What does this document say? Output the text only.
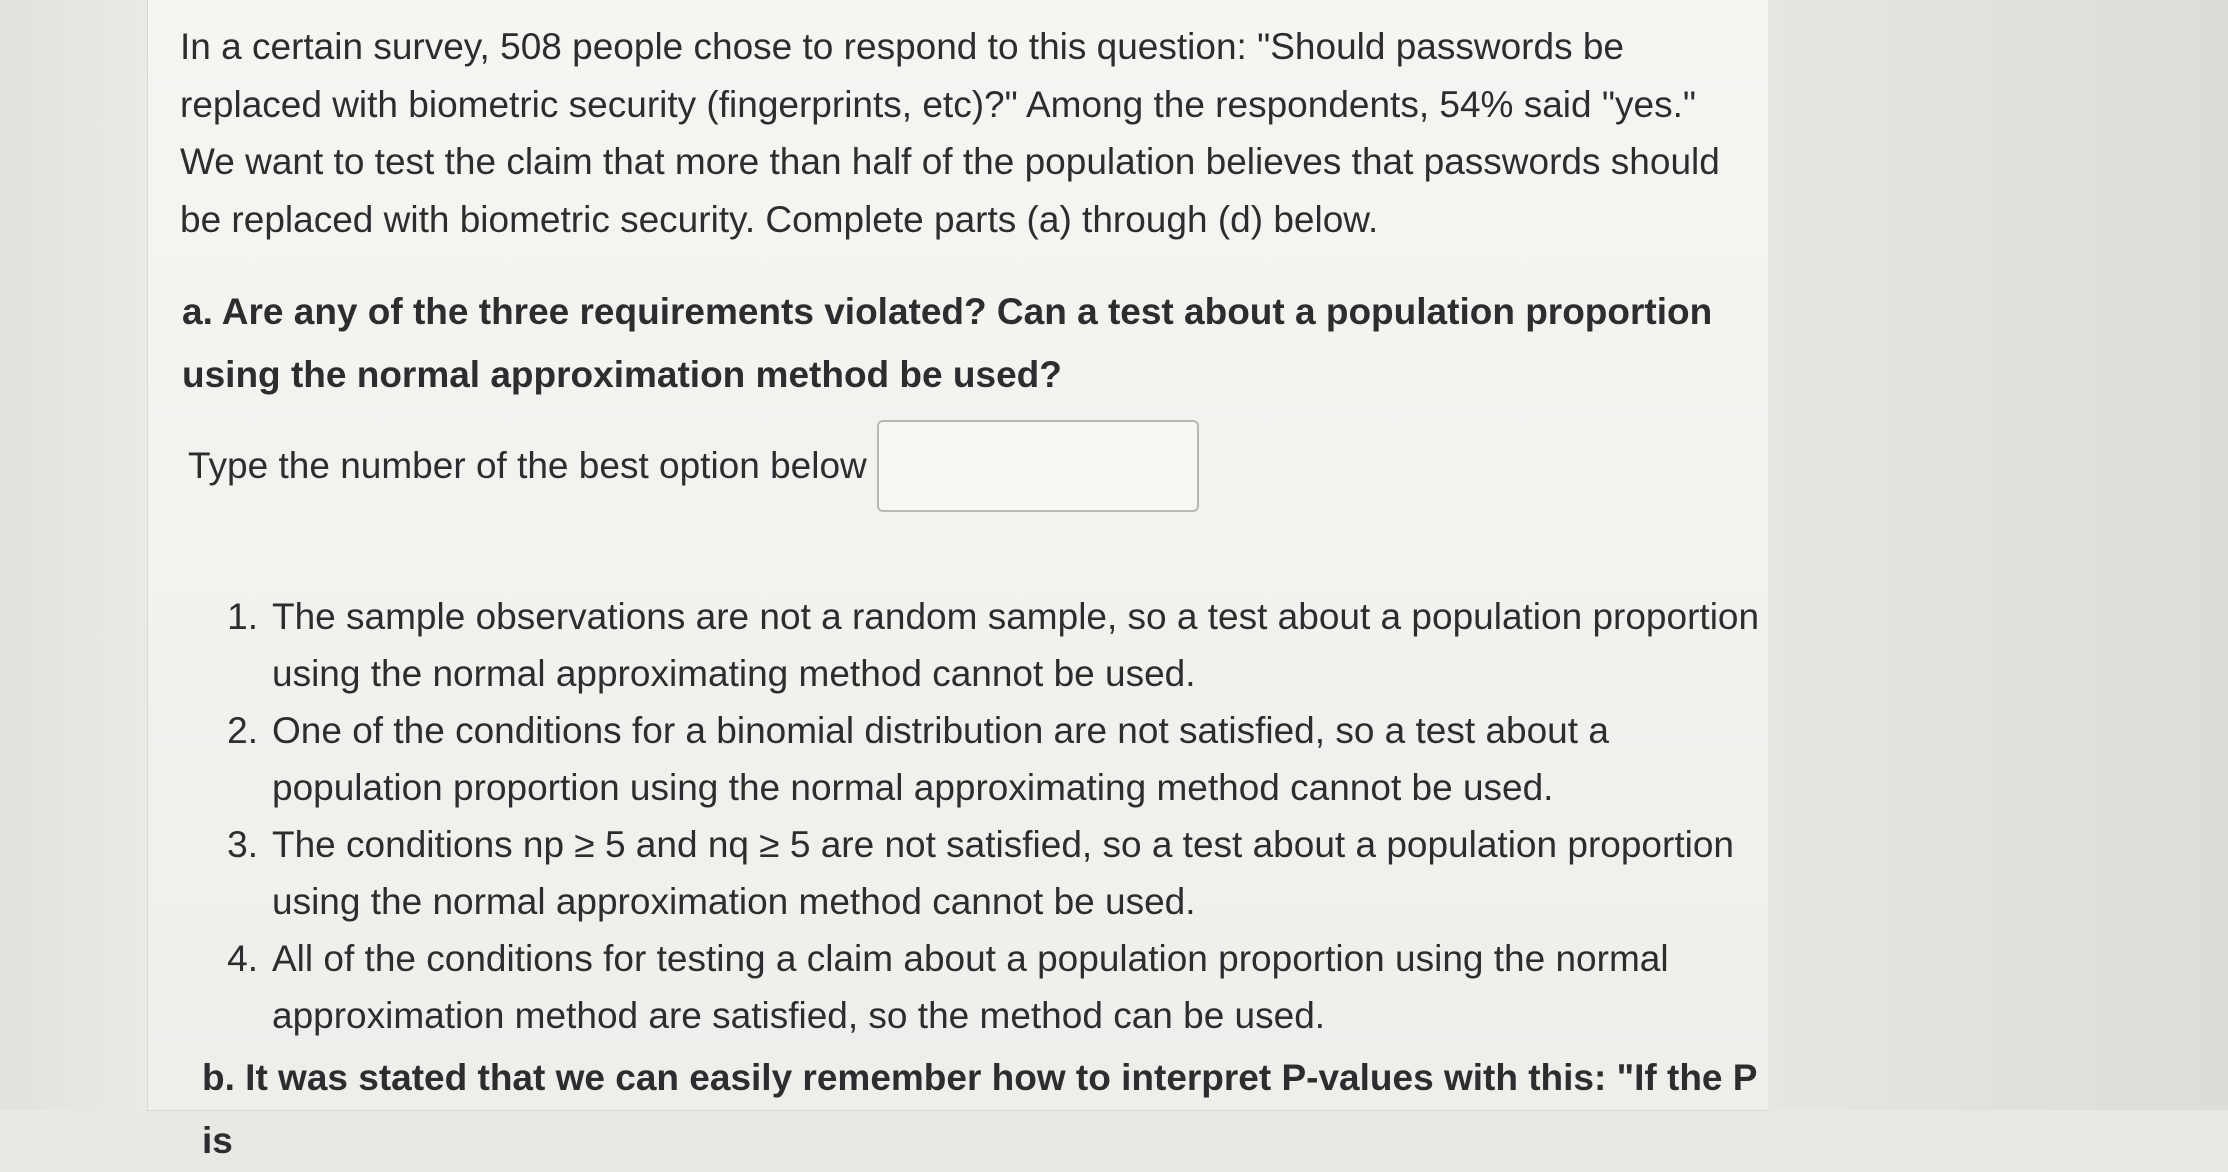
In a certain survey, 508 people chose to respond to this question: "Should passwords be replaced with biometric security (fingerprints, etc)?" Among the respondents, 54% said "yes." We want to test the claim that more than half of the population believes that passwords should be replaced with biometric security. Complete parts (a) through (d) below.

a. Are any of the three requirements violated? Can a test about a population proportion using the normal approximation method be used?

Type the number of the best option below
1. The sample observations are not a random sample, so a test about a population proportion using the normal approximating method cannot be used.
2. One of the conditions for a binomial distribution are not satisfied, so a test about a population proportion using the normal approximating method cannot be used.
3. The conditions np ≥ 5 and nq ≥ 5 are not satisfied, so a test about a population proportion using the normal approximation method cannot be used.
4. All of the conditions for testing a claim about a population proportion using the normal approximation method are satisfied, so the method can be used.

b. It was stated that we can easily remember how to interpret P-values with this: "If the P is
